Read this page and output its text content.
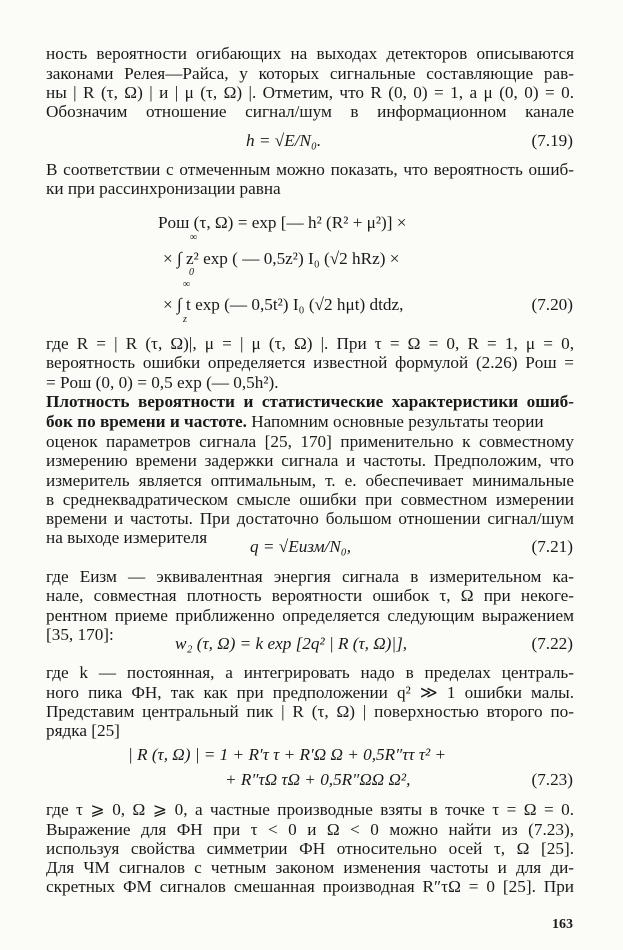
ность вероятности огибающих на выходах детекторов описываются
законами Релея—Райса, у которых сигнальные составляющие рав-
ны | R (τ, Ω) | и | μ (τ, Ω) |. Отметим, что R (0, 0) = 1, а μ (0, 0) = 0.
Обозначим отношение сигнал/шум в информационном канале
h = √E/N₀.	(7.19)
В соответствии с отмеченным можно показать, что вероятность ошиб-
ки при рассинхронизации равна
Pош (τ, Ω) = exp [— h² (R² + μ²)] ×
∞
× ∫ z² exp ( — 0,5z²) I₀ (√2 hRz) ×
0
∞
× ∫ t exp (— 0,5t²) I₀ (√2 hμt) dtdz,
z
(7.20)
где R = | R (τ, Ω)|, μ = | μ (τ, Ω) |. При τ = Ω = 0, R = 1, μ = 0,
вероятность ошибки определяется известной формулой (2.26) Pош =
= Pош (0, 0) = 0,5 exp (— 0,5h²).
Плотность вероятности и статистические характеристики ошиб-
бок по времени и частоте. Напомним основные результаты теории
оценок параметров сигнала [25, 170] применительно к совместному
измерению времени задержки сигнала и частоты. Предположим, что
измеритель является оптимальным, т. е. обеспечивает минимальные
в среднеквадратическом смысле ошибки при совместном измерении
времени и частоты. При достаточно большом отношении сигнал/шум
на выходе измерителя	q = √Eизм/N₀,	(7.21)
где Eизм — эквивалентная энергия сигнала в измерительном ка-
нале, совместная плотность вероятности ошибок τ, Ω при некоге-
рентном приеме приближенно определяется следующим выражением
[35, 170]:	w₂ (τ, Ω) = k exp [2q² | R (τ, Ω)|],	(7.22)
где k — постоянная, а интегрировать надо в пределах централь-
ного пика ФН, так как при предположении q² ≫ 1 ошибки малы.
Представим центральный пик | R (τ, Ω) | поверхностью второго по-
рядка [25]
| R (τ, Ω) | = 1 + R′τ τ + R′Ω Ω + 0,5R″ττ τ² +
+ R″τΩ τΩ + 0,5R″ΩΩ Ω²,	(7.23)
где τ ⩾ 0, Ω ⩾ 0, а частные производные взяты в точке τ = Ω = 0.
Выражение для ФН при τ < 0 и Ω < 0 можно найти из (7.23),
используя свойства симметрии ФН относительно осей τ, Ω [25].
Для ЧМ сигналов с четным законом изменения частоты и для ди-
скретных ФМ сигналов смешанная производная R″τΩ = 0 [25]. При
163
